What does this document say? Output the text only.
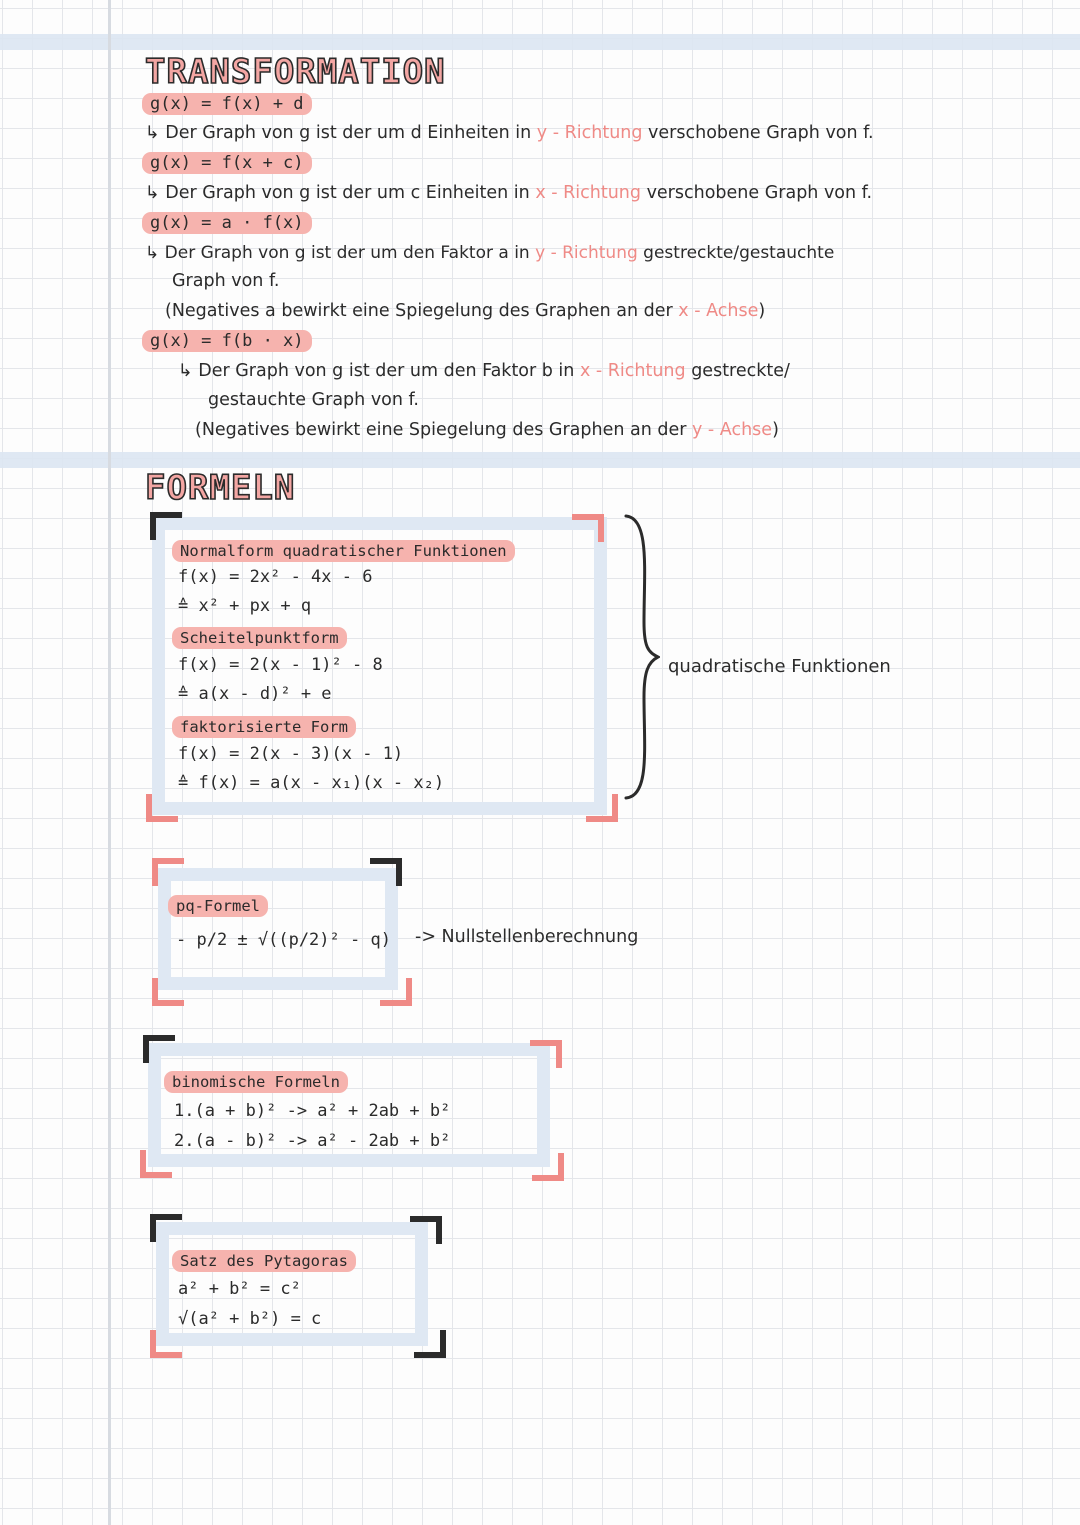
TRANSFORMATION
g(x) = f(x) + d
↳ Der Graph von g ist der um d Einheiten in y - Richtung verschobene Graph von f.
g(x) = f(x + c)
↳ Der Graph von g ist der um c Einheiten in x - Richtung verschobene Graph von f.
g(x) = a · f(x)
↳ Der Graph von g ist der um den Faktor a in y - Richtung gestreckte/gestauchte
Graph von f.
(Negatives a bewirkt eine Spiegelung des Graphen an der x - Achse)
g(x) = f(b · x)
↳ Der Graph von g ist der um den Faktor b in x - Richtung gestreckte/
gestauchte Graph von f.
(Negatives bewirkt eine Spiegelung des Graphen an der y - Achse)
FORMELN
Normalform quadratischer Funktionen
f(x) = 2x² - 4x - 6
≙ x² + px + q
Scheitelpunktform
f(x) = 2(x - 1)² - 8
≙ a(x - d)² + e
faktorisierte Form
f(x) = 2(x - 3)(x - 1)
≙ f(x) = a(x - x₁)(x - x₂)
quadratische Funktionen
pq-Formel
- p/2 ± √((p/2)² - q) -> Nullstellenberechnung
binomische Formeln
1.(a + b)² -> a² + 2ab + b²
2.(a - b)² -> a² - 2ab + b²
Satz des Pytagoras
a² + b² = c²
√(a² + b²) = c
